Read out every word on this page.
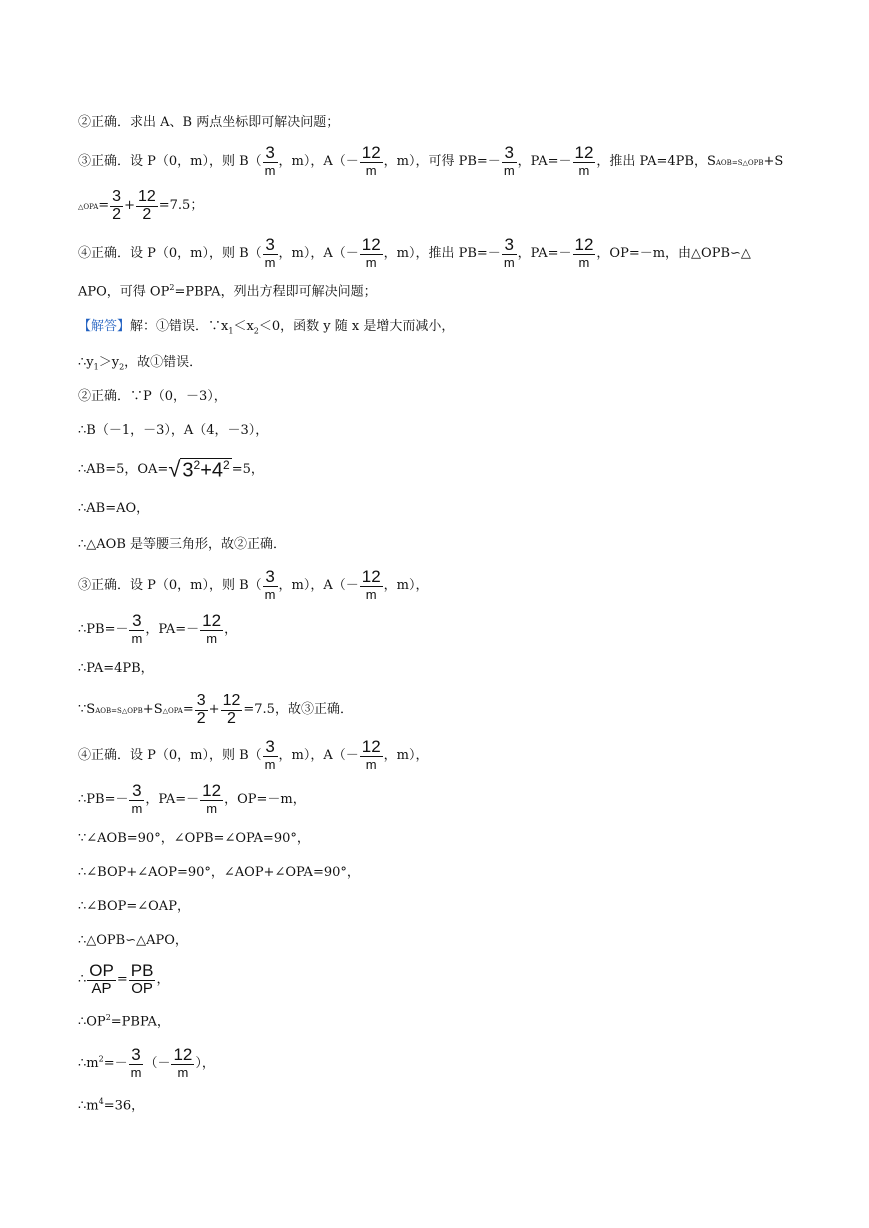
②正确．求出 A、B 两点坐标即可解决问题；
③正确．设 P（0，m），则 $B( \frac{3}{m}$ ，m），$A(- \frac{12}{m}$ ，m），可得 $PB=- \frac{3}{m}$ ，$PA=- \frac{12}{m}$ ，推出 PA=4PB，SAOB=S△OPB+S
△OPA= $\frac{3}{2} + \frac{12}{2} =7.5$；
④正确．设 P（0，m），则 $B( \frac{3}{m}$ ，m），$A(- \frac{12}{m}$ ，m），推出 $PB=- \frac{3}{m}$ ，$PA=- \frac{12}{m}$ ，OP=－m，由△OPB∽△
APO，可得 $OP^2=PBPA$，列出方程即可解决问题；
【解答】解：①错误．$\because x_1<x_2<0$，函数 y 随 x 是增大而减小，
$\therefore y_1>y_2$，故①错误．
②正确．∵P（0，－3），
∴B（－1，－3），A（4，－3），
∴AB=5，OA=√ $3^2+4^2 =5$，
∴AB=AO，
∴△AOB 是等腰三角形，故②正确．
③正确．设 P（0，m），则 $B( \frac{3}{m}$ ，m），$A(- \frac{12}{m}$ ，m），
∴PB=－ $\frac{3}{m}$ ，$PA=- \frac{12}{m}$ ，
∴PA=4PB，
∵SAOB=S△OPB+S△OPA= $\frac{3}{2} + \frac{12}{2} =7.5$，故③正确．
④正确．设 P（0，m），则 $B( \frac{3}{m}$ ，m），$A(- \frac{12}{m}$ ，m），
∴PB=－ $\frac{3}{m}$ ，$PA=- \frac{12}{m}$ ，OP=－m，
∵∠AOB=90°，∠OPB=∠OPA=90°，
∴∠BOP+∠AOP=90°，∠AOP+∠OPA=90°，
∴∠BOP=∠OAP，
∴△OPB∽△APO，
∴ $\frac{OP}{AP} = \frac{PB}{OP}$ ，
$\therefore OP^2=PBPA$，
$\therefore m^2=- \frac{3}{m}$ （－ $\frac{12}{m}$ ），
$\therefore m^4=36$，
